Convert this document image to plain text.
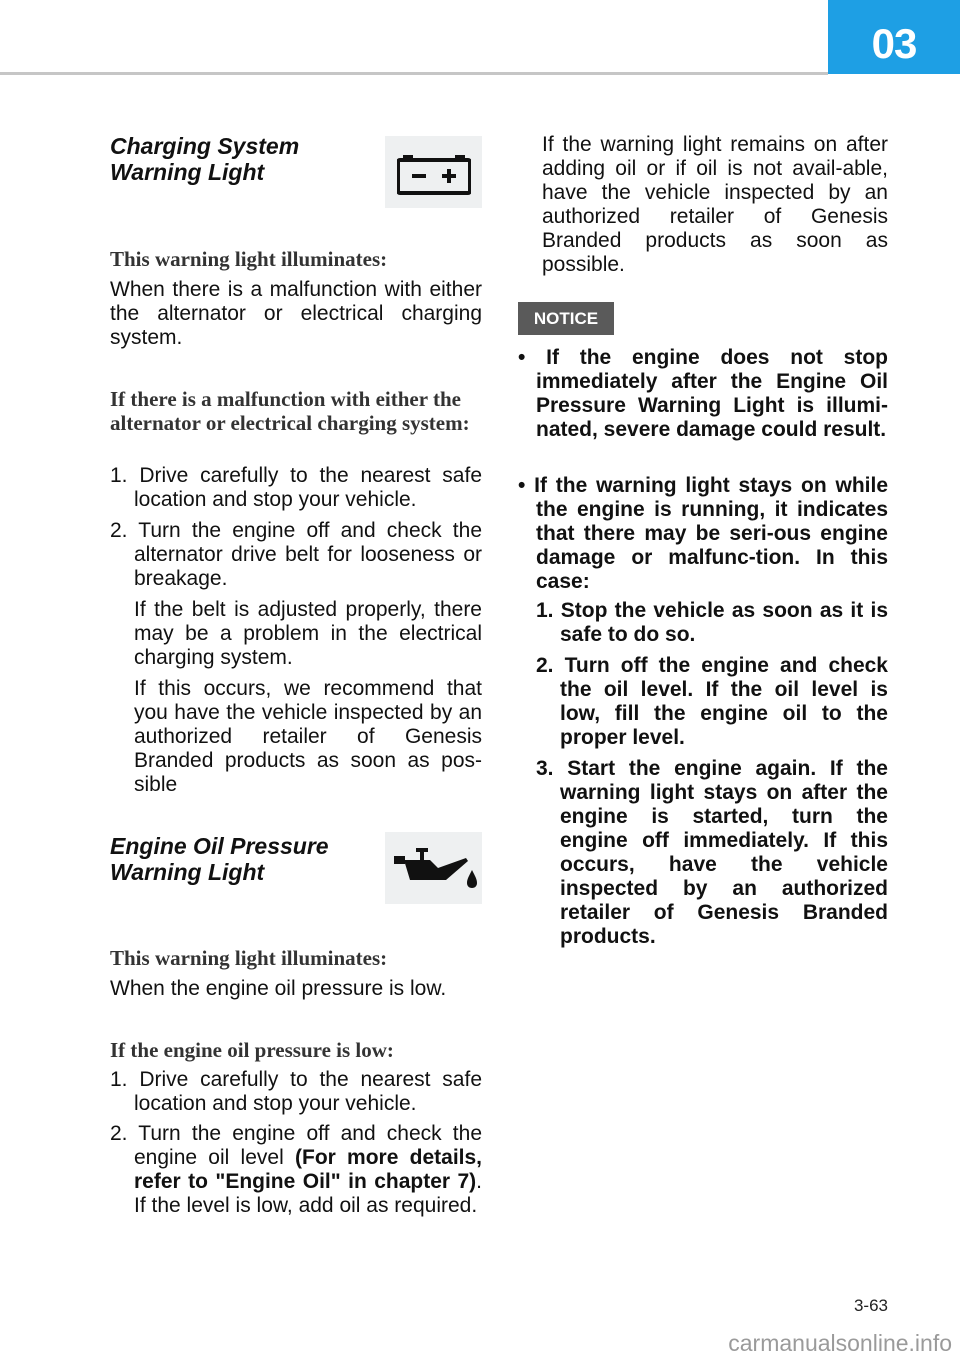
03
Charging System
Warning Light
This warning light illuminates:
When there is a malfunction with either the alternator or electrical charging system.
If there is a malfunction with either the alternator or electrical charging system:
1. Drive carefully to the nearest safe location and stop your vehicle.
2. Turn the engine off and check the alternator drive belt for looseness or breakage.
If the belt is adjusted properly, there may be a problem in the electrical charging system.
If this occurs, we recommend that you have the vehicle inspected by an authorized retailer of Genesis Branded products as soon as pos-sible
Engine Oil Pressure
Warning Light
This warning light illuminates:
When the engine oil pressure is low.
If the engine oil pressure is low:
1. Drive carefully to the nearest safe location and stop your vehicle.
2. Turn the engine off and check the engine oil level (For more details, refer to "Engine Oil" in chapter 7). If the level is low, add oil as required.
If the warning light remains on after adding oil or if oil is not avail-able, have the vehicle inspected by an authorized retailer of Genesis Branded products as soon as possible.
NOTICE
• If the engine does not stop immediately after the Engine Oil Pressure Warning Light is illumi-nated, severe damage could result.
• If the warning light stays on while the engine is running, it indicates that there may be seri-ous engine damage or malfunc-tion. In this case:
1. Stop the vehicle as soon as it is safe to do so.
2. Turn off the engine and check the oil level. If the oil level is low, fill the engine oil to the proper level.
3. Start the engine again. If the warning light stays on after the engine is started, turn the engine off immediately. If this occurs, have the vehicle inspected by an authorized retailer of Genesis Branded products.
3-63
carmanualsonline.info
